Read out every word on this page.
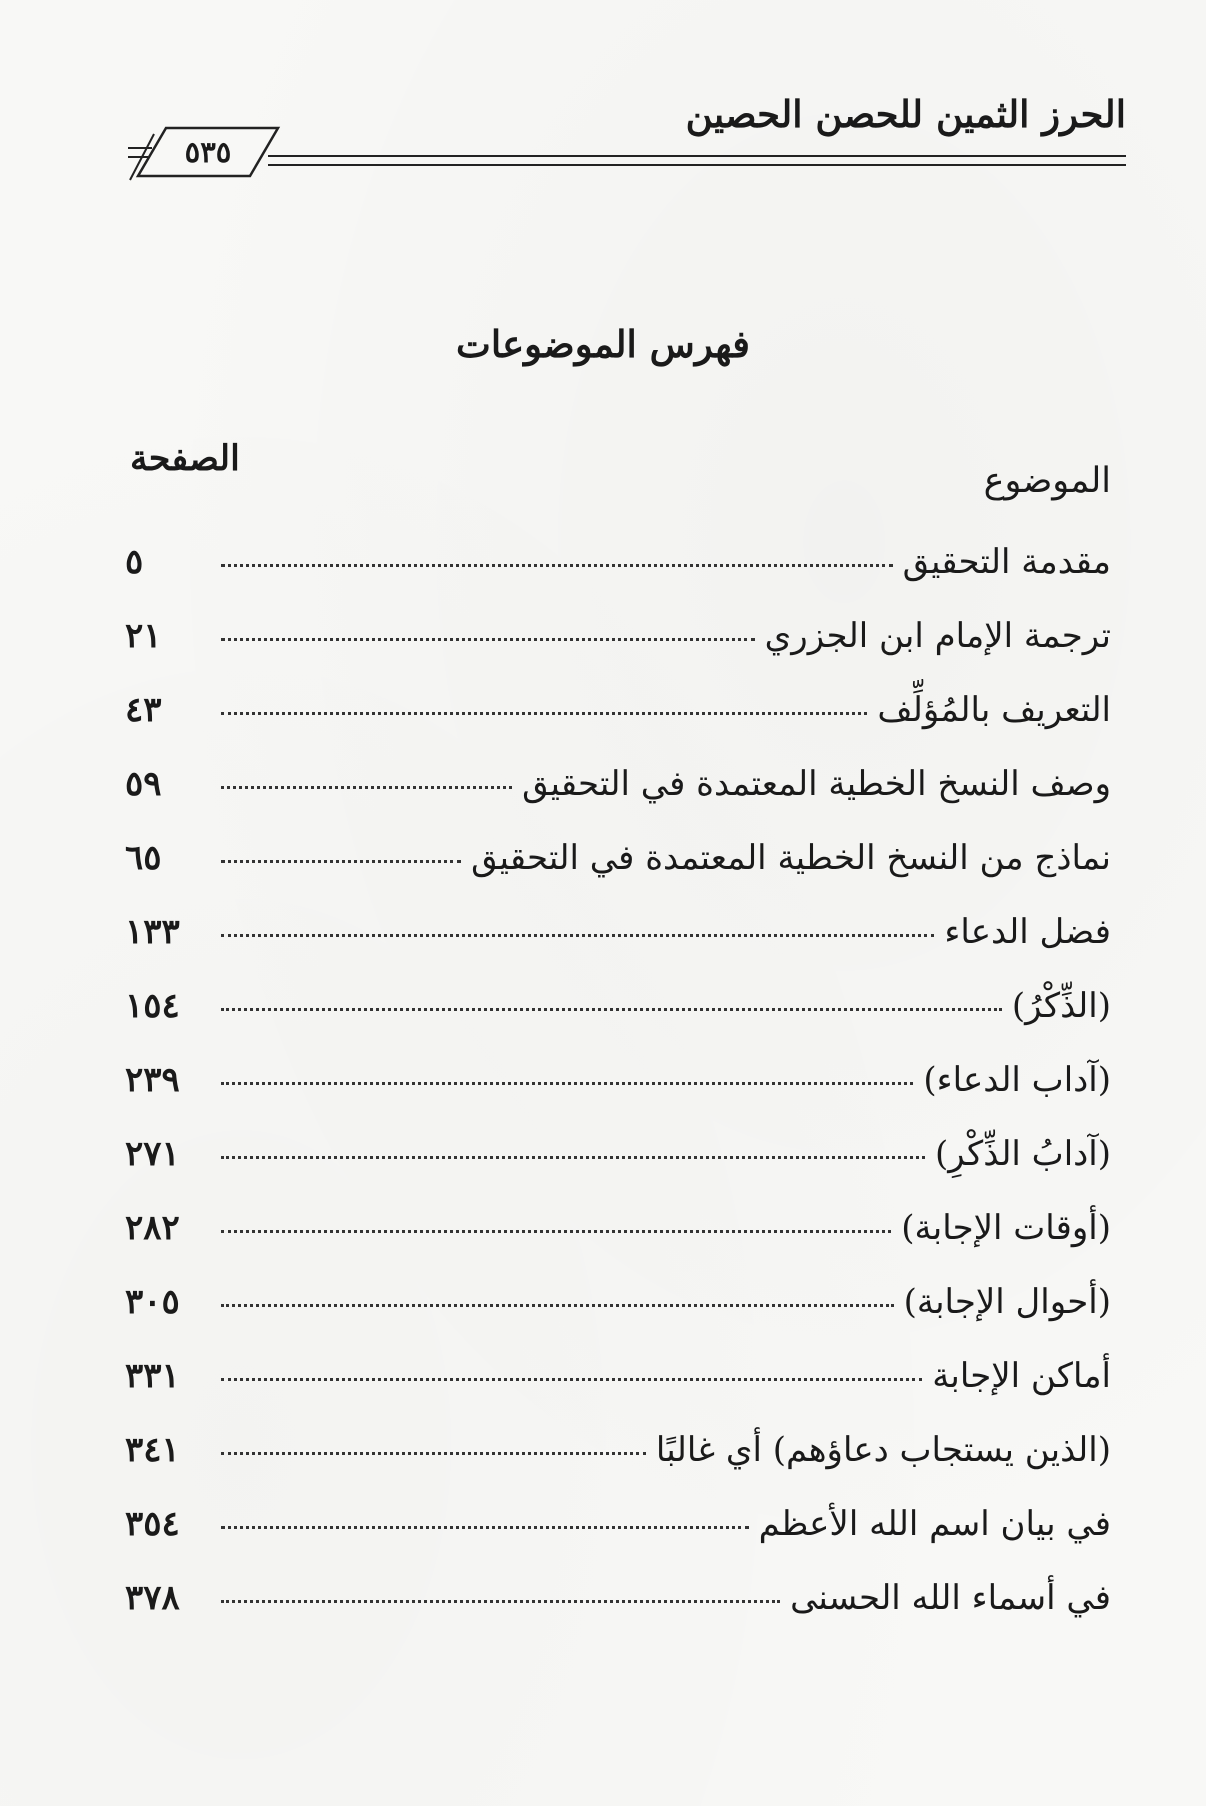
الحرز الثمين للحصن الحصين
٥٣٥
فهرس الموضوعات
الموضوع
الصفحة
مقدمة التحقيق
٥
ترجمة الإمام ابن الجزري
٢١
التعريف بالمُؤلِّف
٤٣
وصف النسخ الخطية المعتمدة في التحقيق
٥٩
نماذج من النسخ الخطية المعتمدة في التحقيق
٦٥
فضل الدعاء
١٣٣
(الذِّكْرُ)
١٥٤
(آداب الدعاء)
٢٣٩
(آدابُ الذِّكْرِ)
٢٧١
(أوقات الإجابة)
٢٨٢
(أحوال الإجابة)
٣٠٥
أماكن الإجابة
٣٣١
(الذين يستجاب دعاؤهم) أي غالبًا
٣٤١
في بيان اسم الله الأعظم
٣٥٤
في أسماء الله الحسنى
٣٧٨
